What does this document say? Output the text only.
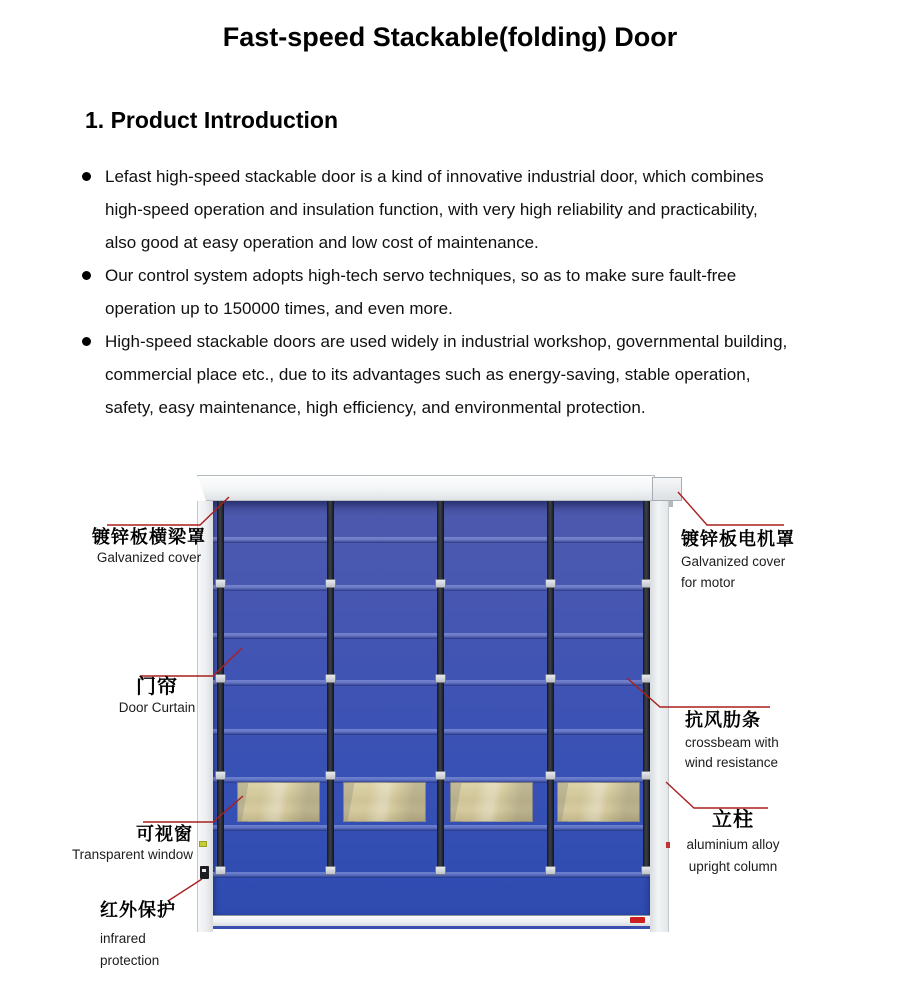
Fast-speed Stackable(folding) Door
1. Product Introduction
Lefast high-speed stackable door is a kind of innovative industrial door, which combines
high-speed operation and insulation function, with very high reliability and practicability,
also good at easy operation and low cost of maintenance.
Our control system adopts high-tech servo techniques, so as to make sure fault-free
operation up to 150000 times, and even more.
High-speed stackable doors are used widely in industrial workshop, governmental building,
commercial place etc., due to its advantages such as energy-saving, stable operation,
safety, easy maintenance, high efficiency, and environmental protection.
镀锌板横梁罩
Galvanized cover
门帘
Door Curtain
可视窗
Transparent window
红外保护
infrared
protection
镀锌板电机罩
Galvanized cover
for motor
抗风肋条
crossbeam with
wind resistance
立柱
aluminium alloy
upright column
